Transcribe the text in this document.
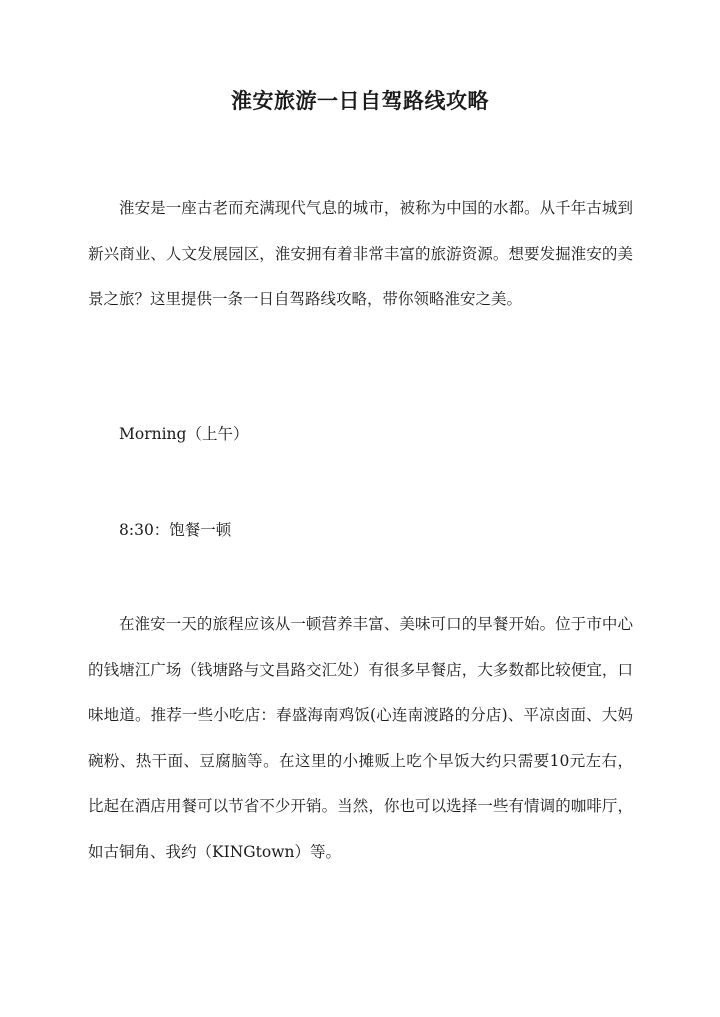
淮安旅游一日自驾路线攻略

淮安是一座古老而充满现代气息的城市，被称为中国的水都。从千年古城到新兴商业、人文发展园区，淮安拥有着非常丰富的旅游资源。想要发掘淮安的美景之旅？这里提供一条一日自驾路线攻略，带你领略淮安之美。

Morning（上午）

8:30：饱餐一顿

在淮安一天的旅程应该从一顿营养丰富、美味可口的早餐开始。位于市中心的钱塘江广场（钱塘路与文昌路交汇处）有很多早餐店，大多数都比较便宜，口味地道。推荐一些小吃店：春盛海南鸡饭(心连南渡路的分店)、平凉卤面、大妈碗粉、热干面、豆腐脑等。在这里的小摊贩上吃个早饭大约只需要10元左右，比起在酒店用餐可以节省不少开销。当然，你也可以选择一些有情调的咖啡厅，如古铜角、我约（KINGtown）等。
